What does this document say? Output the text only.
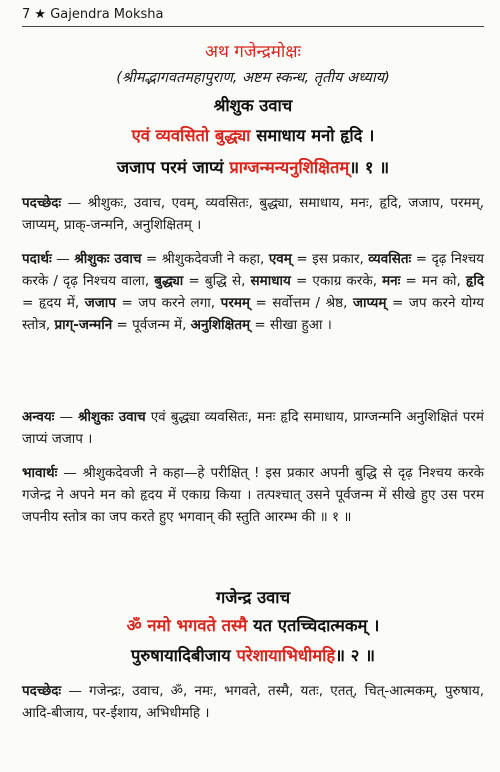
7 ★ Gajendra Moksha
अथ गजेन्द्रमोक्षः
(श्रीमद्भागवतमहापुराण, अष्टम स्कन्ध, तृतीय अध्याय)
श्रीशुक उवाच
एवं व्यवसितो बुद्ध्या समाधाय मनो हृदि ।
जजाप परमं जाप्यं प्राग्जन्मन्यनुशिक्षितम्॥ १ ॥
पदच्छेदः — श्रीशुकः, उवाच, एवम्, व्यवसितः, बुद्ध्या, समाधाय, मनः, हृदि, जजाप, परमम्, जाप्यम्, प्राक्-जन्मनि, अनुशिक्षितम् ।
पदार्थः — श्रीशुकः उवाच = श्रीशुकदेवजी ने कहा, एवम् = इस प्रकार, व्यवसितः = दृढ़ निश्चय करके / दृढ़ निश्चय वाला, बुद्ध्या = बुद्धि से, समाधाय = एकाग्र करके, मनः = मन को, हृदि = हृदय में, जजाप = जप करने लगा, परमम् = सर्वोत्तम / श्रेष्ठ, जाप्यम् = जप करने योग्य स्तोत्र, प्राग्-जन्मनि = पूर्वजन्म में, अनुशिक्षितम् = सीखा हुआ ।
अन्वयः — श्रीशुकः उवाच एवं बुद्ध्या व्यवसितः, मनः हृदि समाधाय, प्राग्जन्मनि अनुशिक्षितं परमं जाप्यं जजाप ।
भावार्थः — श्रीशुकदेवजी ने कहा—हे परीक्षित् ! इस प्रकार अपनी बुद्धि से दृढ़ निश्चय करके गजेन्द्र ने अपने मन को हृदय में एकाग्र किया । तत्पश्चात् उसने पूर्वजन्म में सीखे हुए उस परम जपनीय स्तोत्र का जप करते हुए भगवान् की स्तुति आरम्भ की ॥ १ ॥
गजेन्द्र उवाच
ॐ नमो भगवते तस्मै यत एतच्चिदात्मकम् ।
पुरुषायादिबीजाय परेशायाभिधीमहि॥ २ ॥
पदच्छेदः — गजेन्द्रः, उवाच, ॐ, नमः, भगवते, तस्मै, यतः, एतत्, चित्-आत्मकम्, पुरुषाय, आदि-बीजाय, पर-ईशाय, अभिधीमहि ।
